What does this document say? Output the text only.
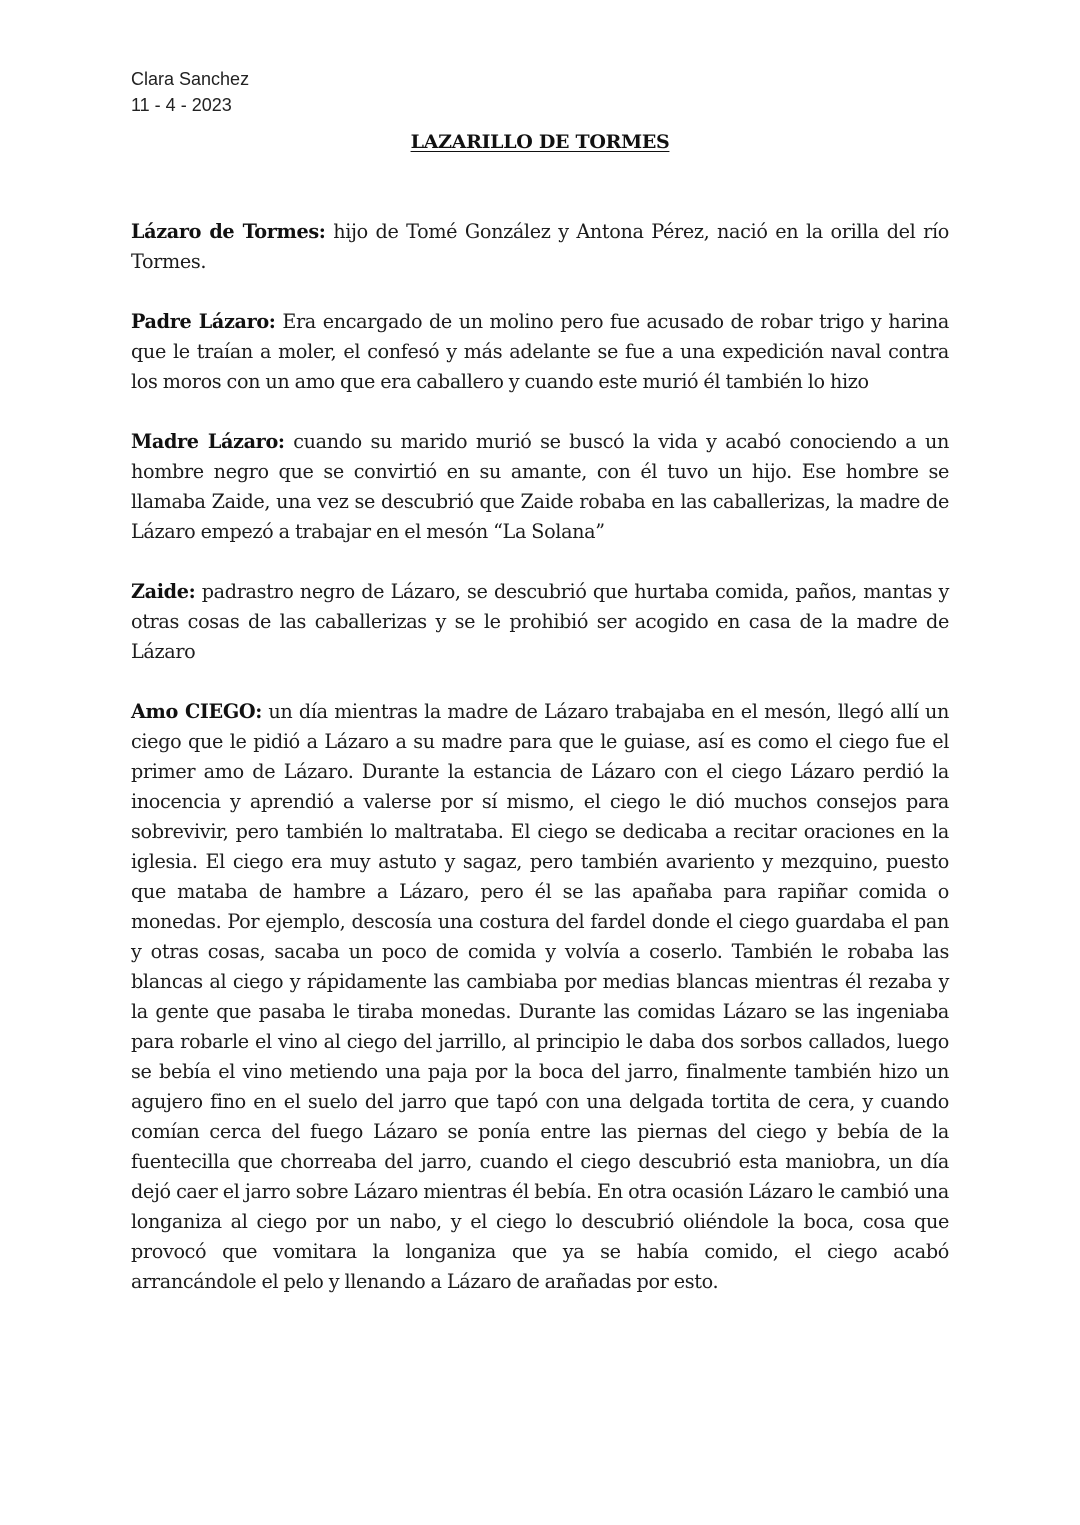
Clara Sanchez
11 - 4 - 2023
LAZARILLO DE TORMES

Lázaro de Tormes: hijo de Tomé González y Antona Pérez, nació en la orilla del río Tormes.

Padre Lázaro: Era encargado de un molino pero fue acusado de robar trigo y harina que le traían a moler, el confesó y más adelante se fue a una expedición naval contra los moros con un amo que era caballero y cuando este murió él también lo hizo

Madre Lázaro: cuando su marido murió se buscó la vida y acabó conociendo a un hombre negro que se convirtió en su amante, con él tuvo un hijo. Ese hombre se llamaba Zaide, una vez se descubrió que Zaide robaba en las caballerizas, la madre de Lázaro empezó a trabajar en el mesón “La Solana”

Zaide: padrastro negro de Lázaro, se descubrió que hurtaba comida, paños, mantas y otras cosas de las caballerizas y se le prohibió ser acogido en casa de la madre de Lázaro

Amo CIEGO: un día mientras la madre de Lázaro trabajaba en el mesón, llegó allí un ciego que le pidió a Lázaro a su madre para que le guiase, así es como el ciego fue el primer amo de Lázaro. Durante la estancia de Lázaro con el ciego Lázaro perdió la inocencia y aprendió a valerse por sí mismo, el ciego le dió muchos consejos para sobrevivir, pero también lo maltrataba. El ciego se dedicaba a recitar oraciones en la iglesia. El ciego era muy astuto y sagaz, pero también avariento y mezquino, puesto que mataba de hambre a Lázaro, pero él se las apañaba para rapiñar comida o monedas. Por ejemplo, descosía una costura del fardel donde el ciego guardaba el pan y otras cosas, sacaba un poco de comida y volvía a coserlo. También le robaba las blancas al ciego y rápidamente las cambiaba por medias blancas mientras él rezaba y la gente que pasaba le tiraba monedas. Durante las comidas Lázaro se las ingeniaba para robarle el vino al ciego del jarrillo, al principio le daba dos sorbos callados, luego se bebía el vino metiendo una paja por la boca del jarro, finalmente también hizo un agujero fino en el suelo del jarro que tapó con una delgada tortita de cera, y cuando comían cerca del fuego Lázaro se ponía entre las piernas del ciego y bebía de la fuentecilla que chorreaba del jarro, cuando el ciego descubrió esta maniobra, un día dejó caer el jarro sobre Lázaro mientras él bebía. En otra ocasión Lázaro le cambió una longaniza al ciego por un nabo, y el ciego lo descubrió oliéndole la boca, cosa que provocó que vomitara la longaniza que ya se había comido, el ciego acabó arrancándole el pelo y llenando a Lázaro de arañadas por esto.
